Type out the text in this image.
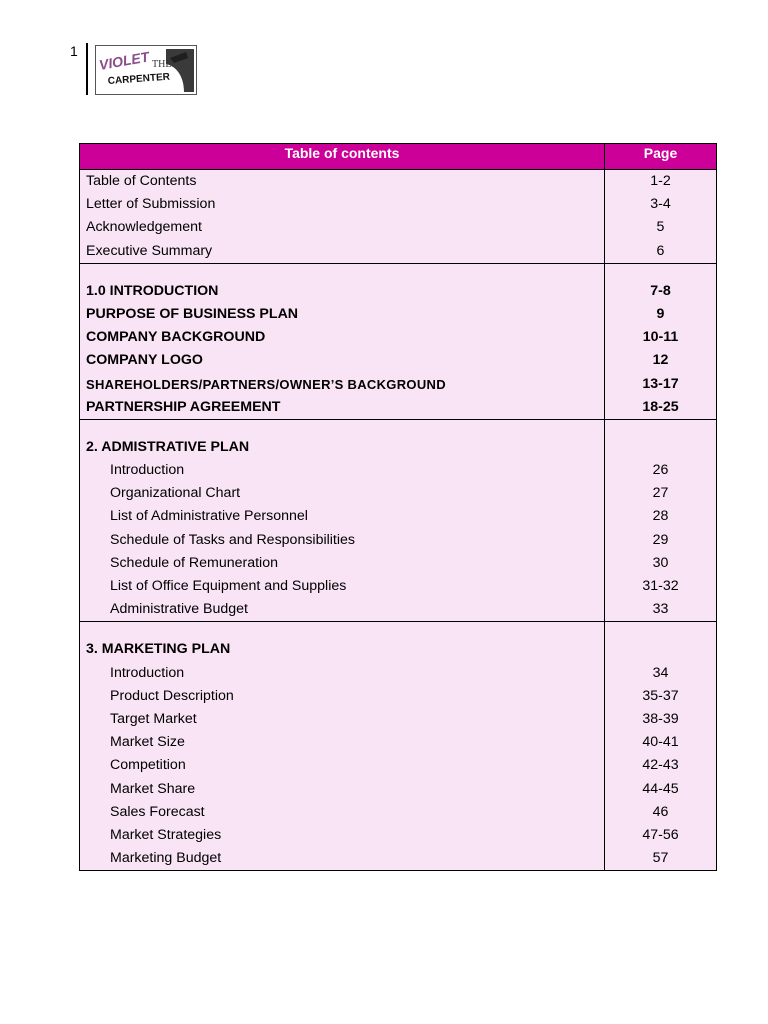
1 VIOLET THE
CARPENTER
Table of contents	Page
Table of Contents	1-2
Letter of Submission	3-4
Acknowledgement	5
Executive Summary	6
1.0 INTRODUCTION	7-8
PURPOSE OF BUSINESS PLAN	9
COMPANY BACKGROUND	10-11
COMPANY LOGO	12
SHAREHOLDERS/PARTNERS/OWNER’S BACKGROUND	13-17
PARTNERSHIP AGREEMENT	18-25
2. ADMISTRATIVE PLAN
Introduction	26
Organizational Chart	27
List of Administrative Personnel	28
Schedule of Tasks and Responsibilities	29
Schedule of Remuneration	30
List of Office Equipment and Supplies	31-32
Administrative Budget	33
3. MARKETING PLAN
Introduction	34
Product Description	35-37
Target Market	38-39
Market Size	40-41
Competition	42-43
Market Share	44-45
Sales Forecast	46
Market Strategies	47-56
Marketing Budget	57
